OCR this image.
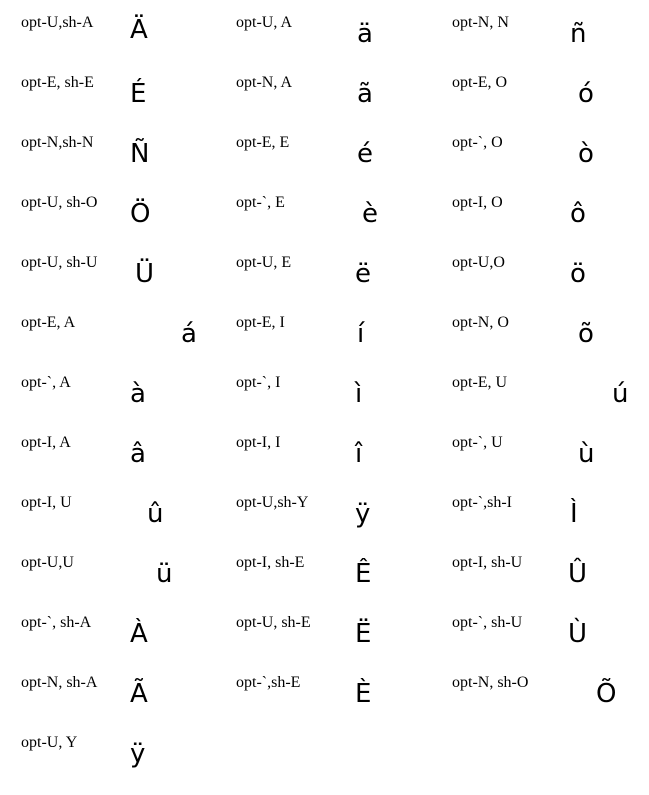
opt-U,sh-A Ä	opt-U, A	ä	opt-N, N ñ
opt-E, sh-E É	opt-N, A	ã	opt-E, O	ó
opt-N,sh-N Ñ	opt-E, E	é	opt-`, O	ò
opt-U, sh-O Ö	opt-`, E	è	opt-I, O	ô
opt-U, sh-U Ü	opt-U, E ë	opt-U,O	ö
opt-E, A	á opt-E, I	í	opt-N, O	õ
opt-`, A à	opt-`, I	ì	opt-E, U	ú
opt-I, A â	opt-I, I	î	opt-`, U	ù
opt-I, U	û	opt-U,sh-Y ÿ	opt-`,sh-I Ì
opt-U,U	ü	opt-I, sh-E Ê	opt-I, sh-U Û
opt-`, sh-A À	opt-U, sh-E Ë	opt-`, sh-U Ù
opt-N, sh-A Ã	opt-`,sh-E È	opt-N, sh-O	Õ
opt-U, Y ÿ
